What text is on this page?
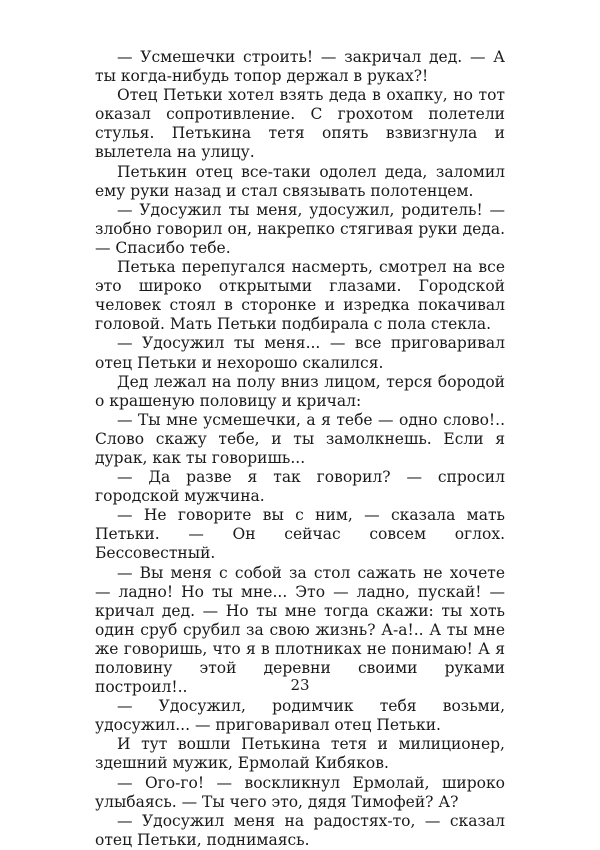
— Усмешечки строить! — закричал дед. — А ты когда-нибудь топор держал в руках?!

Отец Петьки хотел взять деда в охапку, но тот оказал сопротивление. С грохотом полетели стулья. Петькина тетя опять взвизгнула и вылетела на улицу.

Петькин отец все-таки одолел деда, заломил ему руки назад и стал связывать полотенцем.

— Удосужил ты меня, удосужил, родитель! — злобно говорил он, накрепко стягивая руки деда. — Спасибо тебе.

Петька перепугался насмерть, смотрел на все это широко открытыми глазами. Городской человек стоял в сторонке и изредка покачивал головой. Мать Петьки подбирала с пола стекла.

— Удосужил ты меня... — все приговаривал отец Петьки и нехорошо скалился.

Дед лежал на полу вниз лицом, терся бородой о крашеную половицу и кричал:

— Ты мне усмешечки, а я тебе — одно слово!.. Слово скажу тебе, и ты замолкнешь. Если я дурак, как ты говоришь...

— Да разве я так говорил? — спросил городской мужчина.

— Не говорите вы с ним, — сказала мать Петьки. — Он сейчас совсем оглох. Бессовестный.

— Вы меня с собой за стол сажать не хочете — ладно! Но ты мне... Это — ладно, пускай! — кричал дед. — Но ты мне тогда скажи: ты хоть один сруб срубил за свою жизнь? А-а!.. А ты мне же говоришь, что я в плотниках не понимаю! А я половину этой деревни своими руками построил!..

— Удосужил, родимчик тебя возьми, удосужил... — приговаривал отец Петьки.

И тут вошли Петькина тетя и милиционер, здешний мужик, Ермолай Кибяков.

— Ого-го! — воскликнул Ермолай, широко улыбаясь. — Ты чего это, дядя Тимофей? А?

— Удосужил меня на радостях-то, — сказал отец Петьки, поднимаясь.

23
